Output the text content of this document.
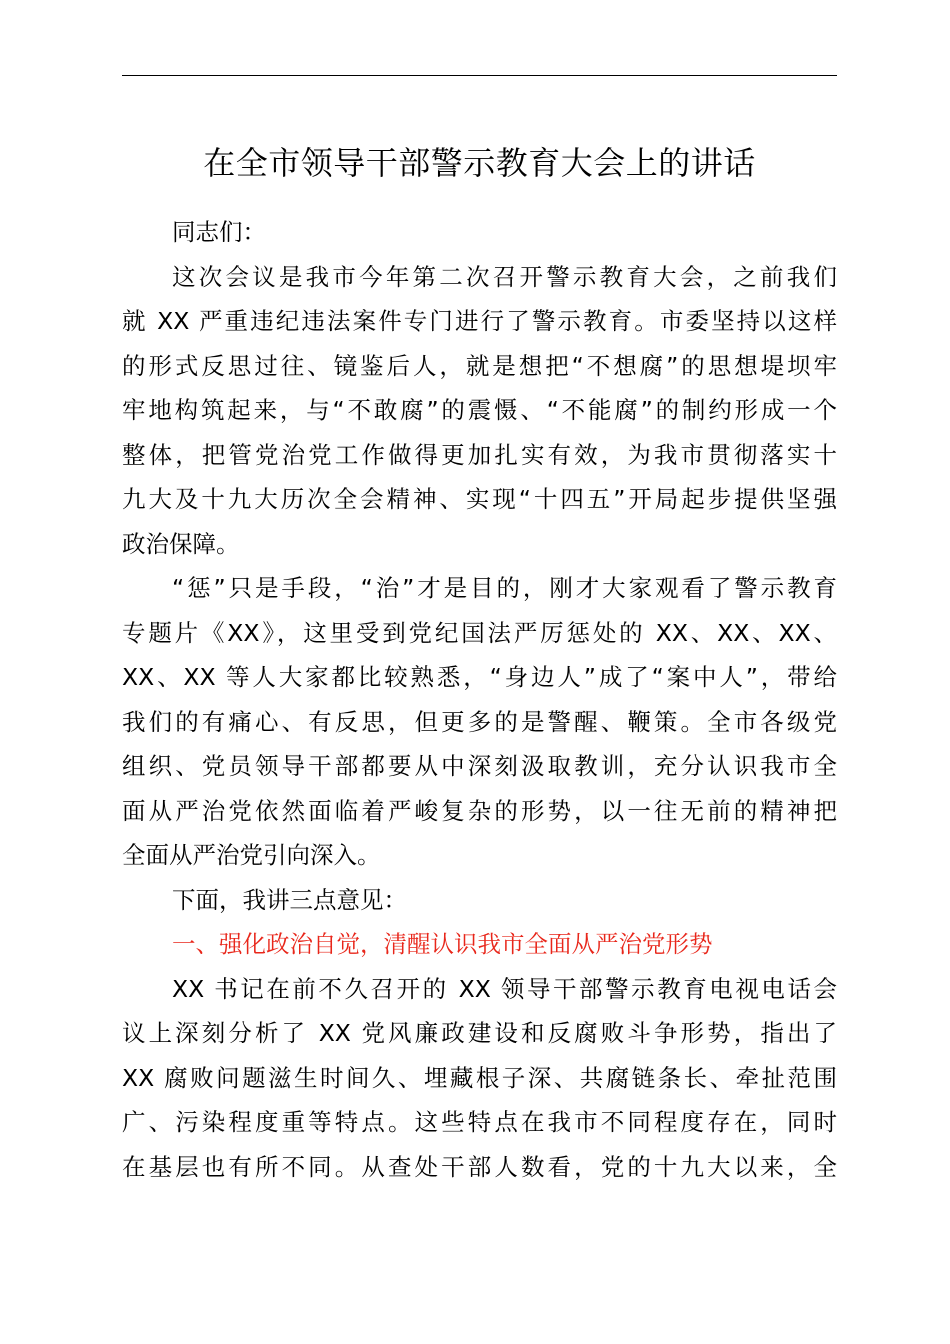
在全市领导干部警示教育大会上的讲话
同志们：
这次会议是我市今年第二次召开警示教育大会，之前我们
就 XX 严重违纪违法案件专门进行了警示教育。市委坚持以这样
的形式反思过往、镜鉴后人，就是想把“不想腐”的思想堤坝牢
牢地构筑起来，与“不敢腐”的震慑、“不能腐”的制约形成一个
整体，把管党治党工作做得更加扎实有效，为我市贯彻落实十
九大及十九大历次全会精神、实现“十四五”开局起步提供坚强
政治保障。
“惩”只是手段，“治”才是目的，刚才大家观看了警示教育
专题片《XX》，这里受到党纪国法严厉惩处的 XX、XX、XX、
XX、XX 等人大家都比较熟悉，“身边人”成了“案中人”，带给
我们的有痛心、有反思，但更多的是警醒、鞭策。全市各级党
组织、党员领导干部都要从中深刻汲取教训，充分认识我市全
面从严治党依然面临着严峻复杂的形势，以一往无前的精神把
全面从严治党引向深入。
下面，我讲三点意见：
一、强化政治自觉，清醒认识我市全面从严治党形势
XX 书记在前不久召开的 XX 领导干部警示教育电视电话会
议上深刻分析了 XX 党风廉政建设和反腐败斗争形势，指出了
XX 腐败问题滋生时间久、埋藏根子深、共腐链条长、牵扯范围
广、污染程度重等特点。这些特点在我市不同程度存在，同时
在基层也有所不同。从查处干部人数看，党的十九大以来，全
